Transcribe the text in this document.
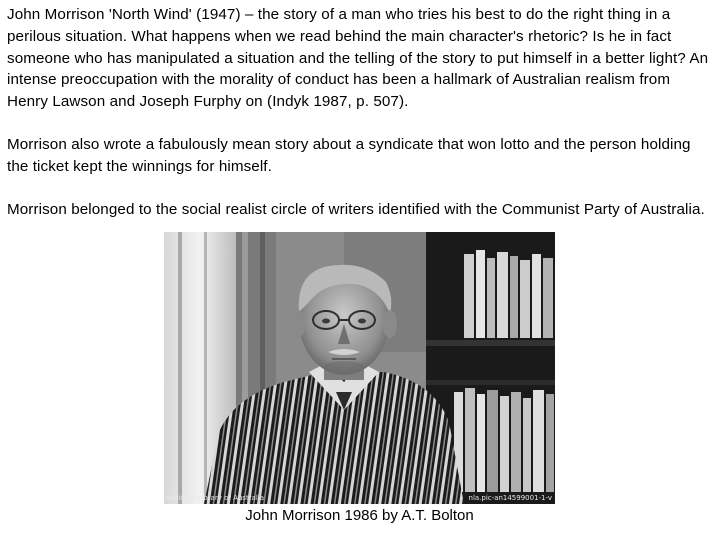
John Morrison 'North Wind' (1947) – the story of a man who tries his best to do the right thing in a perilous situation. What happens when we read behind the main character's rhetoric? Is he in fact someone who has manipulated a situation and the telling of the story to put himself in a better light? An intense preoccupation with the morality of conduct has been a hallmark of Australian realism from Henry Lawson and Joseph Furphy on (Indyk 1987, p. 507).

Morrison also wrote a fabulously mean story about a syndicate that won lotto and the person holding the ticket kept the winnings for himself.

Morrison belonged to the social realist circle of writers identified with the Communist Party of Australia.

National Library of Australia	nla.pic-an14599001-1-v
John Morrison 1986 by A.T. Bolton
